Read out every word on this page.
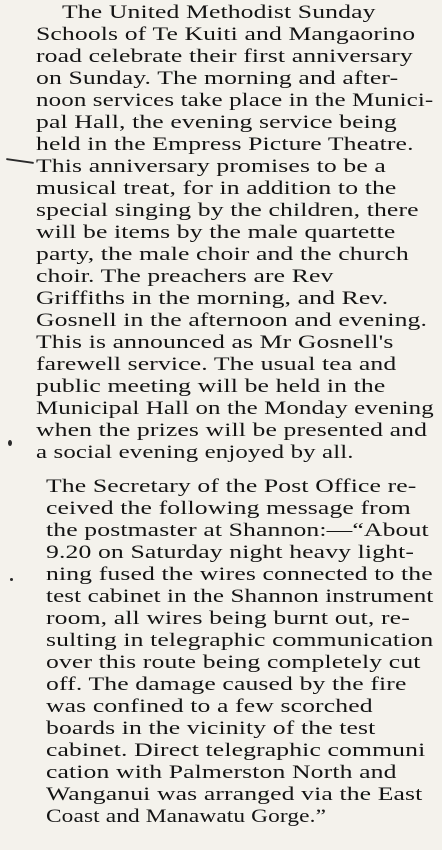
The United Methodist Sunday
Schools of Te Kuiti and Mangaorino
road celebrate their first anniversary
on Sunday. The morning and after-
noon services take place in the Munici-
pal Hall, the evening service being
held in the Empress Picture Theatre.
This anniversary promises to be a
musical treat, for in addition to the
special singing by the children, there
will be items by the male quartette
party, the male choir and the church
choir. The preachers are Rev
Griffiths in the morning, and Rev.
Gosnell in the afternoon and evening.
This is announced as Mr Gosnell's
farewell service. The usual tea and
public meeting will be held in the
Municipal Hall on the Monday evening
when the prizes will be presented and
a social evening enjoyed by all.
The Secretary of the Post Office re-
ceived the following message from
the postmaster at Shannon:—“About
9.20 on Saturday night heavy light-
ning fused the wires connected to the
test cabinet in the Shannon instrument
room, all wires being burnt out, re-
sulting in telegraphic communication
over this route being completely cut
off. The damage caused by the fire
was confined to a few scorched
boards in the vicinity of the test
cabinet. Direct telegraphic communi
cation with Palmerston North and
Wanganui was arranged via the East
Coast and Manawatu Gorge.”
